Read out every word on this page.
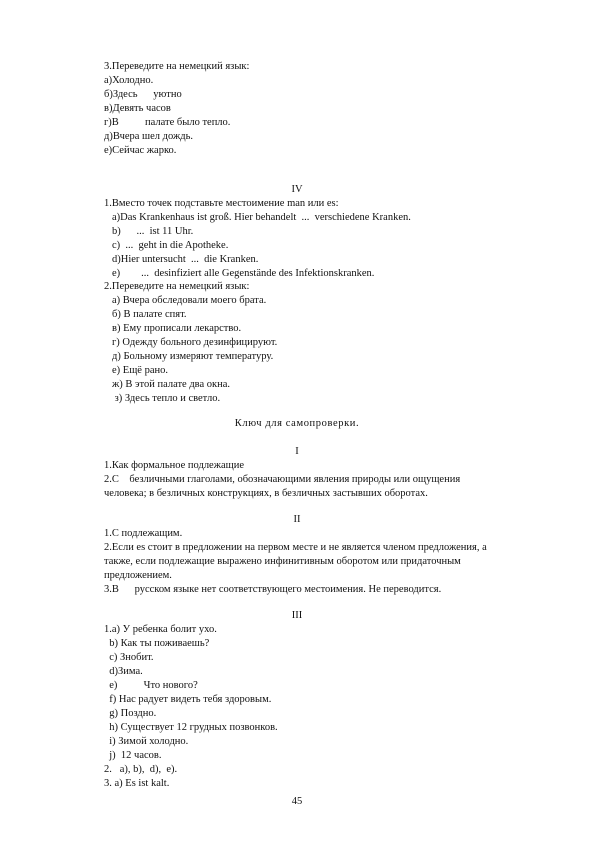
3.Переведите на немецкий язык:
а)Холодно.
б)Здесь      уютно
в)Девять часов
г)В          палате было тепло.
д)Вчера шел дождь.
е)Сейчас жарко.
IV
1.Вместо точек подставьте местоимение man или es:
a)Das Krankenhaus ist groß. Hier behandelt  ...  verschiedene Kranken.
b)      ...  ist 11 Uhr.
c)  ...  geht in die Apotheke.
d)Hier untersucht  ...  die Kranken.
e)        ...  desinfiziert alle Gegenstände des Infektionskranken.
2.Переведите на немецкий язык:
а) Вчера обследовали моего брата.
б) В палате спят.
в) Ему прописали лекарство.
г) Одежду больного дезинфицируют.
д) Больному измеряют температуру.
е) Ещё рано.
ж) В этой палате два окна.
з) Здесь тепло и светло.
Ключ для самопроверки.
I
1.Как формальное подлежащие
2.С    безличными глаголами, обозначающими явления природы или ощущения
человека; в безличных конструкциях, в безличных застывших оборотах.
II
1.С подлежащим.
2.Если es стоит в предложении на первом месте и не является членом предложения, а
также, если подлежащие выражено инфинитивным оборотом или придаточным
предложением.
3.В      русском языке нет соответствующего местоимения. Не переводится.
III
1.а) У ребенка болит ухо.
b) Как ты поживаешь?
c) Знобит.
d)Зима.
e)          Что нового?
f) Нас радует видеть тебя здоровым.
g) Поздно.
h) Существует 12 грудных позвонков.
i) Зимой холодно.
j)  12 часов.
2.   a), b),  d),  e).
3. a) Es ist kalt.
45
